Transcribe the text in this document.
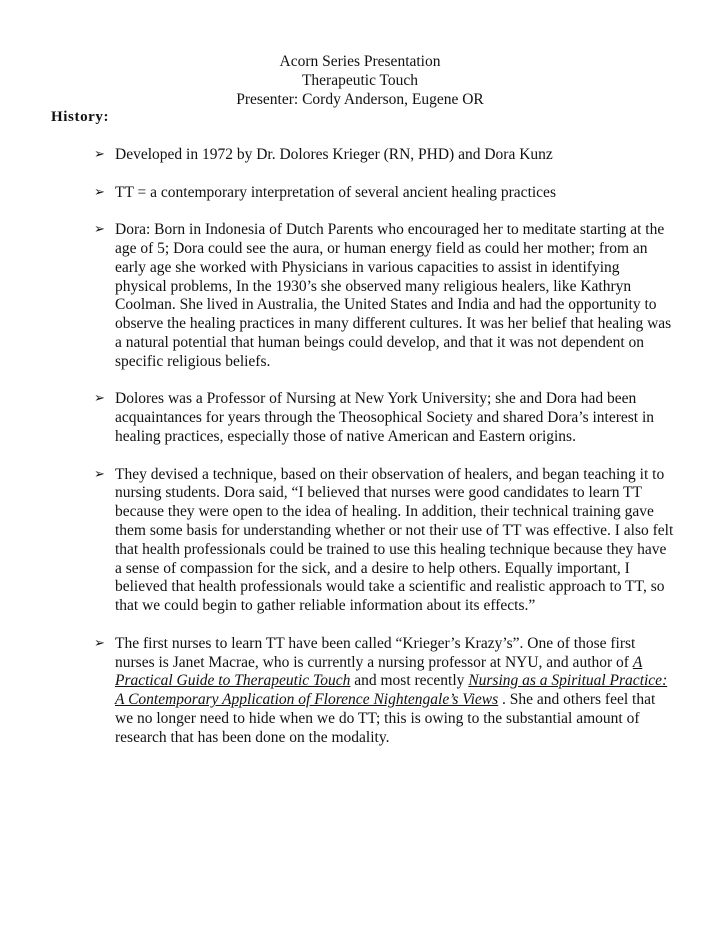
Acorn Series Presentation
Therapeutic Touch
Presenter: Cordy Anderson, Eugene OR
History:
➢ Developed in 1972 by Dr. Dolores Krieger (RN, PHD) and Dora Kunz
➢ TT = a contemporary interpretation of several ancient healing practices
➢ Dora: Born in Indonesia of Dutch Parents who encouraged her to meditate starting at the age of 5; Dora could see the aura, or human energy field as could her mother; from an early age she worked with Physicians in various capacities to assist in identifying physical problems, In the 1930’s she observed many religious healers, like Kathryn Coolman. She lived in Australia, the United States and India and had the opportunity to observe the healing practices in many different cultures. It was her belief that healing was a natural potential that human beings could develop, and that it was not dependent on specific religious beliefs.
➢ Dolores was a Professor of Nursing at New York University; she and Dora had been acquaintances for years through the Theosophical Society and shared Dora’s interest in healing practices, especially those of native American and Eastern origins.
➢ They devised a technique, based on their observation of healers, and began teaching it to nursing students. Dora said, “I believed that nurses were good candidates to learn TT because they were open to the idea of healing. In addition, their technical training gave them some basis for understanding whether or not their use of TT was effective. I also felt that health professionals could be trained to use this healing technique because they have a sense of compassion for the sick, and a desire to help others. Equally important, I believed that health professionals would take a scientific and realistic approach to TT, so that we could begin to gather reliable information about its effects.”
➢ The first nurses to learn TT have been called “Krieger’s Krazy’s”. One of those first nurses is Janet Macrae, who is currently a nursing professor at NYU, and author of A Practical Guide to Therapeutic Touch and most recently Nursing as a Spiritual Practice: A Contemporary Application of Florence Nightengale’s Views . She and others feel that we no longer need to hide when we do TT; this is owing to the substantial amount of research that has been done on the modality.
